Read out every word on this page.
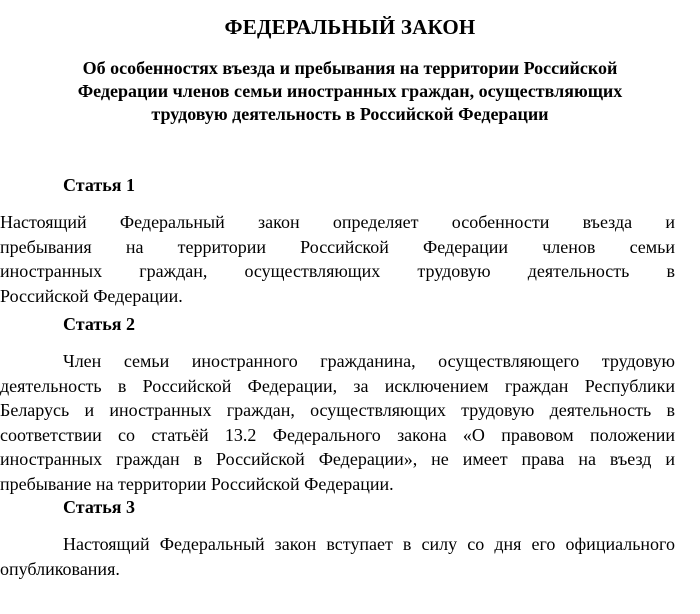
ФЕДЕРАЛЬНЫЙ ЗАКОН
Об особенностях въезда и пребывания на территории Российской
Федерации членов семьи иностранных граждан, осуществляющих
трудовую деятельность в Российской Федерации
Статья 1
Настоящий Федеральный закон определяет особенности въезда и
пребывания на территории Российской Федерации членов семьи
иностранных граждан, осуществляющих трудовую деятельность в
Российской Федерации.
Статья 2
Член семьи иностранного гражданина, осуществляющего трудовую
деятельность в Российской Федерации, за исключением граждан Республики
Беларусь и иностранных граждан, осуществляющих трудовую деятельность в
соответствии со статьёй 13.2 Федерального закона «О правовом положении
иностранных граждан в Российской Федерации», не имеет права на въезд и
пребывание на территории Российской Федерации.
Статья 3
Настоящий Федеральный закон вступает в силу со дня его официального
опубликования.
